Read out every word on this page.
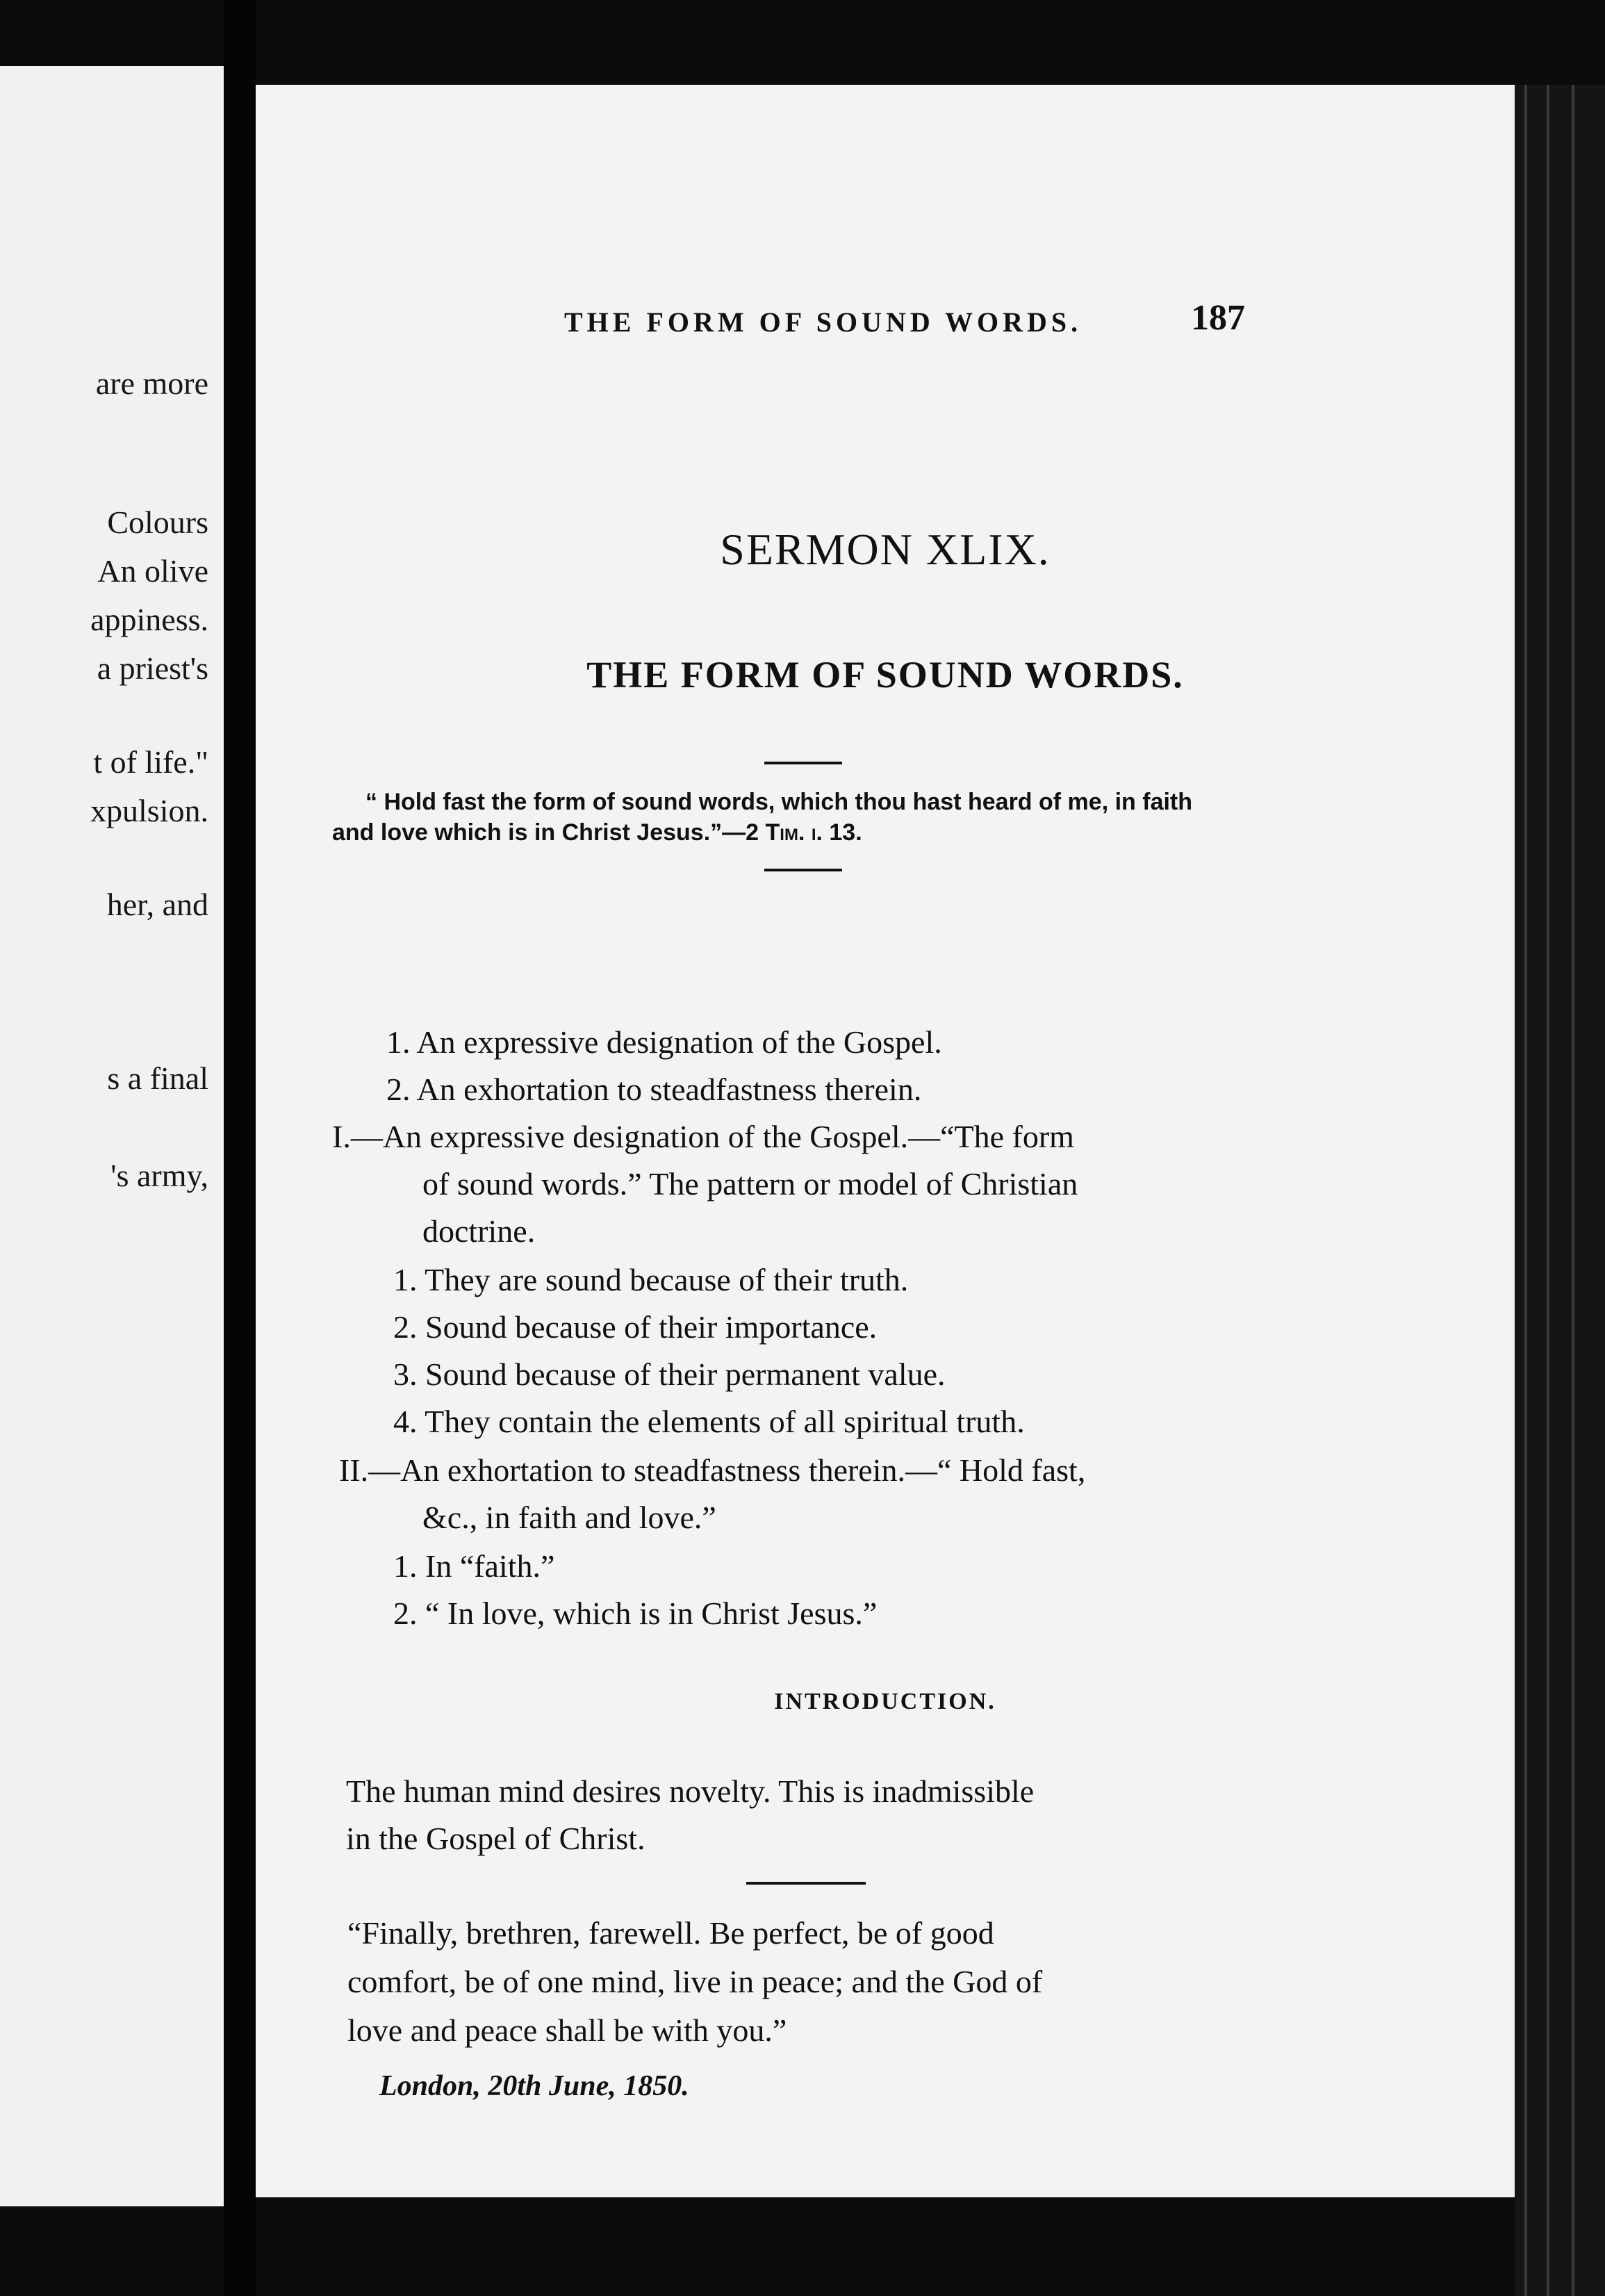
are more
Colours
An olive
appiness.
a priest's
t of life."
xpulsion.
her, and
s a final
's army,
THE FORM OF SOUND WORDS.	187
SERMON XLIX.
THE FORM OF SOUND WORDS.
“ Hold fast the form of sound words, which thou hast heard of me, in faith
and love which is in Christ Jesus.”—2 Tim. i. 13.
1. An expressive designation of the Gospel.
2. An exhortation to steadfastness therein.
I.—An expressive designation of the Gospel.—“The form
of sound words.” The pattern or model of Christian
doctrine.
1. They are sound because of their truth.
2. Sound because of their importance.
3. Sound because of their permanent value.
4. They contain the elements of all spiritual truth.
II.—An exhortation to steadfastness therein.—“ Hold fast,
&c., in faith and love.”
1. In “faith.”
2. “ In love, which is in Christ Jesus.”
INTRODUCTION.
The human mind desires novelty. This is inadmissible
in the Gospel of Christ.
“Finally, brethren, farewell. Be perfect, be of good
comfort, be of one mind, live in peace; and the God of
love and peace shall be with you.”
London, 20th June, 1850.
